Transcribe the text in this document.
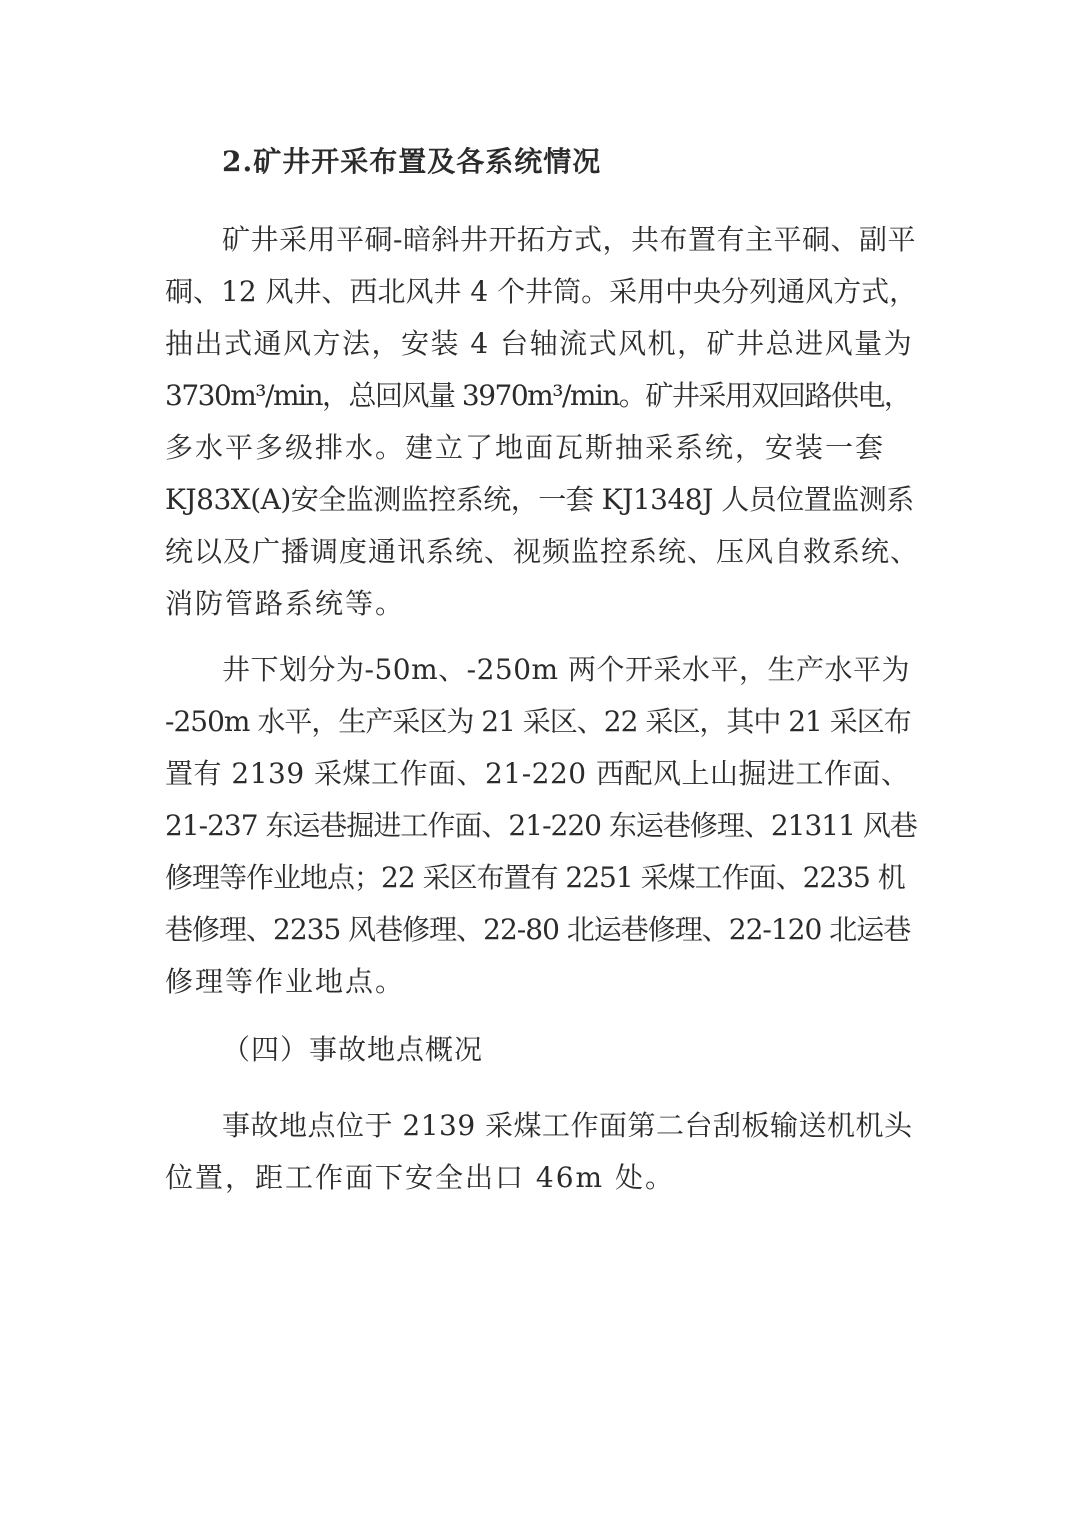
2.矿井开采布置及各系统情况
矿井采用平硐-暗斜井开拓方式，共布置有主平硐、副平
硐、12 风井、西北风井 4 个井筒。采用中央分列通风方式，
抽出式通风方法，安装 4 台轴流式风机，矿井总进风量为
3730m³/min，总回风量 3970m³/min。矿井采用双回路供电，
多水平多级排水。建立了地面瓦斯抽采系统，安装一套
KJ83X(A)安全监测监控系统，一套 KJ1348J 人员位置监测系
统以及广播调度通讯系统、视频监控系统、压风自救系统、
消防管路系统等。
井下划分为-50m、-250m 两个开采水平，生产水平为
-250m 水平，生产采区为 21 采区、22 采区，其中 21 采区布
置有 2139 采煤工作面、21-220 西配风上山掘进工作面、
21-237 东运巷掘进工作面、21-220 东运巷修理、21311 风巷
修理等作业地点；22 采区布置有 2251 采煤工作面、2235 机
巷修理、2235 风巷修理、22-80 北运巷修理、22-120 北运巷
修理等作业地点。
（四）事故地点概况
事故地点位于 2139 采煤工作面第二台刮板输送机机头
位置，距工作面下安全出口 46m 处。
